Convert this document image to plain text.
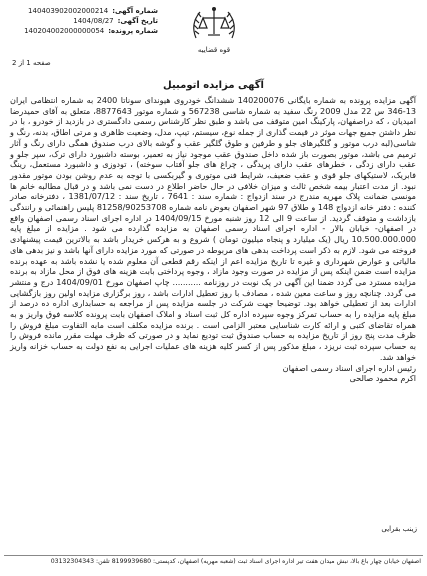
شماره آگهی:
140403902002000214
تاریخ آگهی:
1404/08/27
شماره پرونده:
140204002000000054
قوه قضاییه
صفحه 1 از 2
آگهی مزایده اتومبیل

آگهی مزایده پرونده به شماره بایگانی 140200076 ششدانگ خودروی هیوندای سوناتا 2400 به شماره انتظامی ایران 13-346 س 22 مدل 2009 رنگ سفید به شماره شاسی 567238 و شماره موتور 8877643، متعلق به آقای حمیدرضا امیدیان ، که دراصفهان، پارکینگ امین متوقف می باشد و طبق نظر کارشناس رسمی دادگستری در بازدید از خودرو ، با در نظر داشتن جمیع جهات موثر در قیمت گذاری از جمله نوع، سیستم، تیپ، مدل، وضعیت ظاهری و مرتی اطاق، بدنه، رنگ و شاسی(لبه درب موتور و گلگیرهای جلو و طرفین و طوق گلگیر عقب و گوشه بالای درب صندوق همگی دارای رنگ و آثار ترمیم می باشد، موتور بصورت باز شده داخل صندوق عقب موجود نیاز به تعمیر، بوسته داشبورد دارای ترک، سپر جلو و عقب دارای زدگی ، خطرهای عقب دارای پریدگی ، چراغ های جلو آفتاب سوخته) ، تودوزی و داشبورد مستعمل، رینگ فابریک، لاستیکهای جلو قوی و عقب ضعیف، شرایط فنی موتوری و گیربکسی با توجه به عدم روشن بودن موتور مقدور نبود. از مدت اعتبار بیمه شخص ثالث و میزان خلافی در حال حاضر اطلاع در دست نمی باشد و در قبال مطالبه خانم ها مونسی ضمانت پلاک مهریه مندرج در سند ازدواج : شماره سند : 7641 ، تاریخ سند : 1381/07/12 ، دفترخانه صادر کننده : دفتر خانه ازدواج 148 و طلاق 97 شهر اصفهان بعوض نامه شماره 81258/90253708 پلیس راهنمائی و رانندگی بازداشت و متوقف گردید. از ساعت 9 الی 12 روز شنبه مورخ 1404/09/15 در اداره اجرای اسناد رسمی اصفهان واقع در اصفهان- خیابان بالار - اداره اجرای اسناد رسمی اصفهان به مزایده گذارده می شود . مزایده از مبلغ پایه 10.500.000.000 ریال (یک میلیارد و پنجاه میلیون تومان ) شروع و به هرکس خریدار باشد به بالاترین قیمت پیشنهادی فروخته می شود. لازم به ذکر است پرداخت بدهی های مربوطه در صورتی که مورد مزایده دارای آنها باشد و نیز بدهی های مالیاتی و عوارض شهرداری و غیره تا تاریخ مزایده اعم از اینکه رقم قطعی آن معلوم شده یا نشده باشد به عهده برنده مزایده است ضمن اینکه پس از مزایده در صورت وجود مازاد ، وجوه پرداختی بابت هزینه های فوق از محل مازاد به برنده مزایده مسترد می گردد ضمنا این آگهی در یک نوبت در روزنامه ........... چاپ اصفهان مورخ 1404/09/01 درج و منتشر می گردد. چنانچه روز و ساعت معین شده ، مصادف با روز تعطیل ادارات باشد ، روز برگزاری مزایده اولین روز بازگشایی ادارات بعد از تعطیلی خواهد بود. توضیحا جهت شرکت در جلسه مزایده پس از مراجعه به حسابداری اداره ده درصد از مبلغ پایه مزایده را به حساب تمرکز وجوه سپرده اداره کل ثبت اسناد و املاک اصفهان بابت پرونده کلاسه فوق واریز و به همراه تقاضای کتبی و ارائه کارت شناسایی معتبر الزامی است . برنده مزایده مکلف است مابه التفاوت مبلغ فروش را ظرف مدت پنج روز از تاریخ مزایده به حساب صندوق ثبت تودیع نماید و در صورتی که ظرف مهلت مقرر مانده فروش را به حساب سپرده ثبت نریزد ، مبلغ مذکور پس از کسر کلیه هزینه های عملیات اجرایی به نفع دولت به حساب خزانه واریز خواهد شد.

رئیس اداره اجرای اسناد رسمی اصفهان

اکرم محمود صالحی

زینب بقرایی
اصفهان خیابان چهار باغ بالا، نبش میدان هفت تیر اداره اجرای اسناد ثبت (شعبه مهریه) اصفهان، کدپستی: 8199939680 تلفن: 03132304343
